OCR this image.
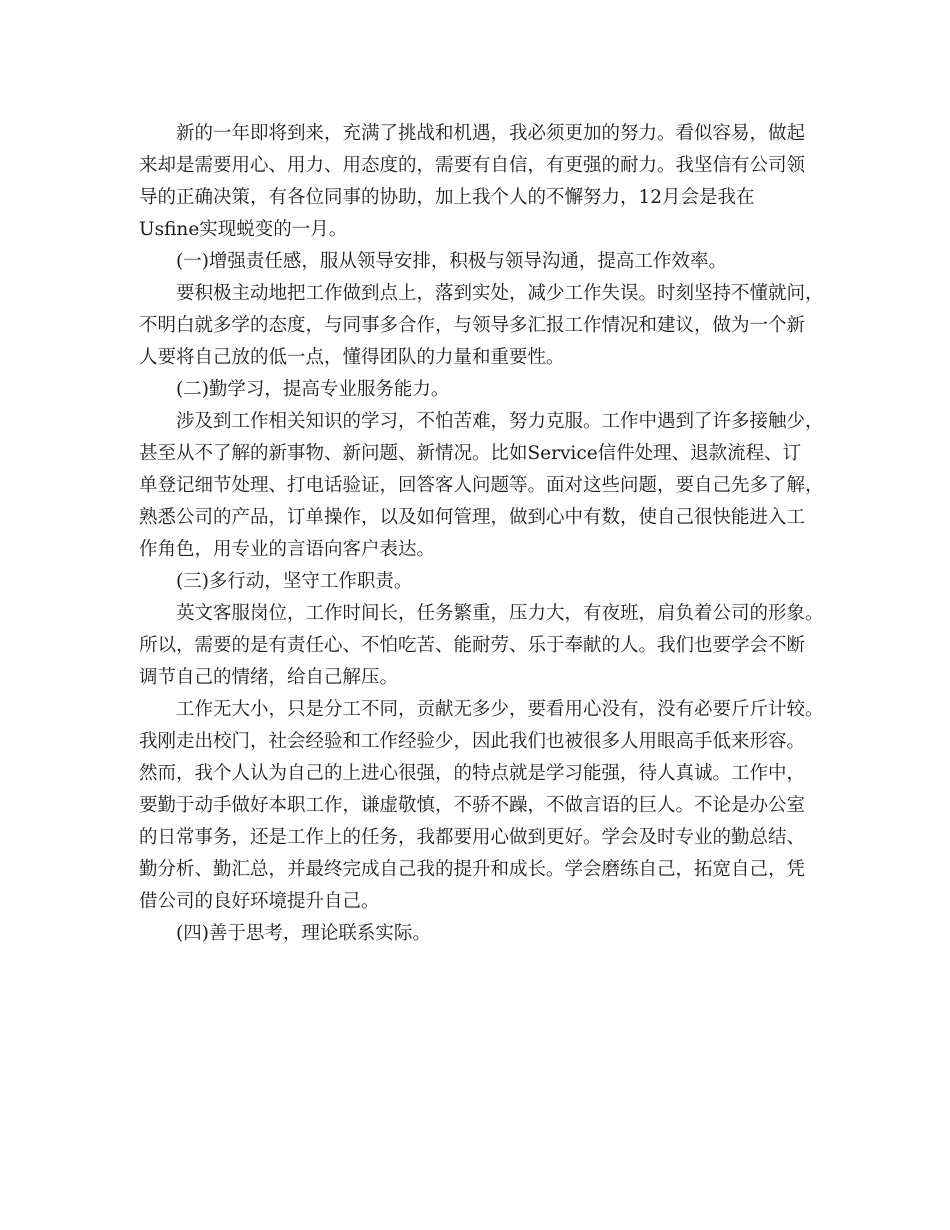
新的一年即将到来，充满了挑战和机遇，我必须更加的努力。看似容易，做起

来却是需要用心、用力、用态度的，需要有自信，有更强的耐力。我坚信有公司领

导的正确决策，有各位同事的协助，加上我个人的不懈努力，12月会是我在

Usfine实现蜕变的一月。

(一)增强责任感，服从领导安排，积极与领导沟通，提高工作效率。

要积极主动地把工作做到点上，落到实处，减少工作失误。时刻坚持不懂就问，

不明白就多学的态度，与同事多合作，与领导多汇报工作情况和建议，做为一个新

人要将自己放的低一点，懂得团队的力量和重要性。

(二)勤学习，提高专业服务能力。

涉及到工作相关知识的学习，不怕苦难，努力克服。工作中遇到了许多接触少，

甚至从不了解的新事物、新问题、新情况。比如Service信件处理、退款流程、订

单登记细节处理、打电话验证，回答客人问题等。面对这些问题，要自己先多了解，

熟悉公司的产品，订单操作，以及如何管理，做到心中有数，使自己很快能进入工

作角色，用专业的言语向客户表达。

(三)多行动，坚守工作职责。

英文客服岗位，工作时间长，任务繁重，压力大，有夜班，肩负着公司的形象。

所以，需要的是有责任心、不怕吃苦、能耐劳、乐于奉献的人。我们也要学会不断

调节自己的情绪，给自己解压。

工作无大小，只是分工不同，贡献无多少，要看用心没有，没有必要斤斤计较。

我刚走出校门，社会经验和工作经验少，因此我们也被很多人用眼高手低来形容。

然而，我个人认为自己的上进心很强，的特点就是学习能强，待人真诚。工作中，

要勤于动手做好本职工作，谦虚敬慎，不骄不躁，不做言语的巨人。不论是办公室

的日常事务，还是工作上的任务，我都要用心做到更好。学会及时专业的勤总结、

勤分析、勤汇总，并最终完成自己我的提升和成长。学会磨练自己，拓宽自己，凭

借公司的良好环境提升自己。

(四)善于思考，理论联系实际。
